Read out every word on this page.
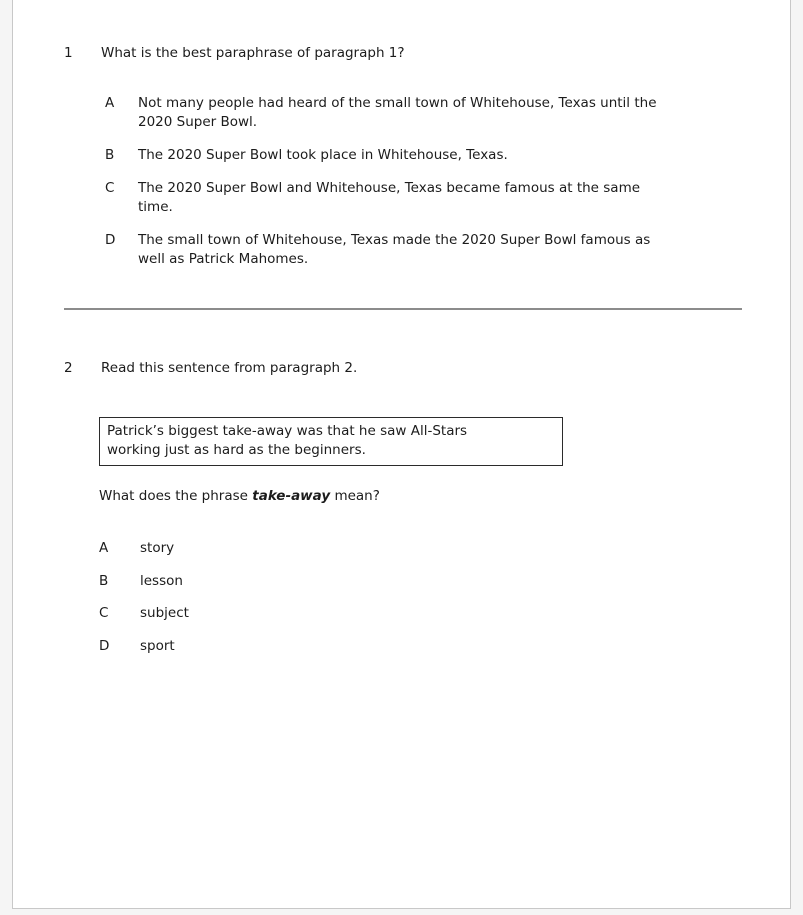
1	What is the best paraphrase of paragraph 1?
A	Not many people had heard of the small town of Whitehouse, Texas until the
2020 Super Bowl.
B	The 2020 Super Bowl took place in Whitehouse, Texas.
C	The 2020 Super Bowl and Whitehouse, Texas became famous at the same
time.
D	The small town of Whitehouse, Texas made the 2020 Super Bowl famous as
well as Patrick Mahomes.
2	Read this sentence from paragraph 2.
Patrick’s biggest take-away was that he saw All-Stars
working just as hard as the beginners.
What does the phrase take-away mean?
A	story
B	lesson
C	subject
D	sport
